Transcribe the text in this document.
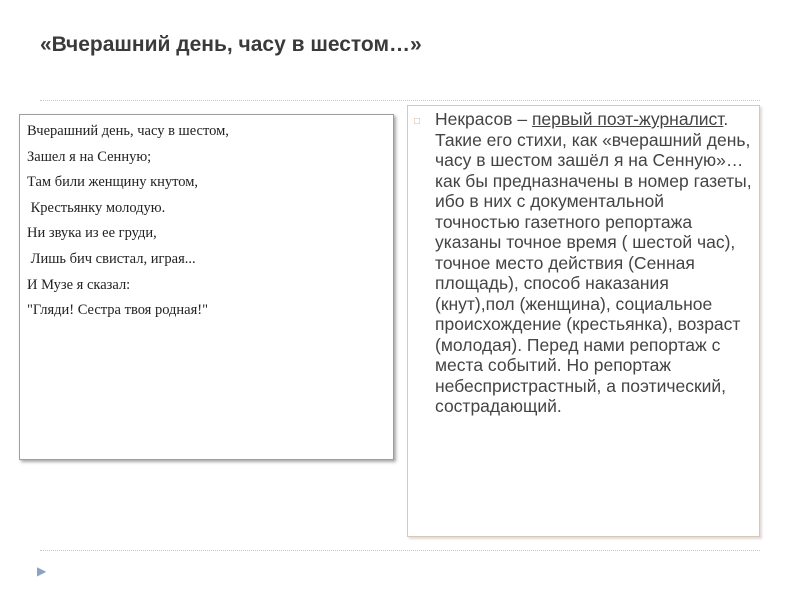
«Вчерашний день, часу в шестом…»
Вчерашний день, часу в шестом,
Зашел я на Сенную;
Там били женщину кнутом,
Крестьянку молодую.
Ни звука из ее груди,
Лишь бич свистал, играя...
И Музе я сказал:
"Гляди! Сестра твоя родная!"
□ Некрасов – первый поэт-журналист. Такие его стихи, как «вчерашний день, часу в шестом зашёл я на Сенную»…как бы предназначены в номер газеты, ибо в них с документальной точностью газетного репортажа указаны точное время ( шестой час), точное место действия (Сенная площадь), способ наказания (кнут),пол (женщина), социальное происхождение (крестьянка), возраст (молодая). Перед нами репортаж с места событий. Но репортаж небеспристрастный, а поэтический, сострадающий.
▶
